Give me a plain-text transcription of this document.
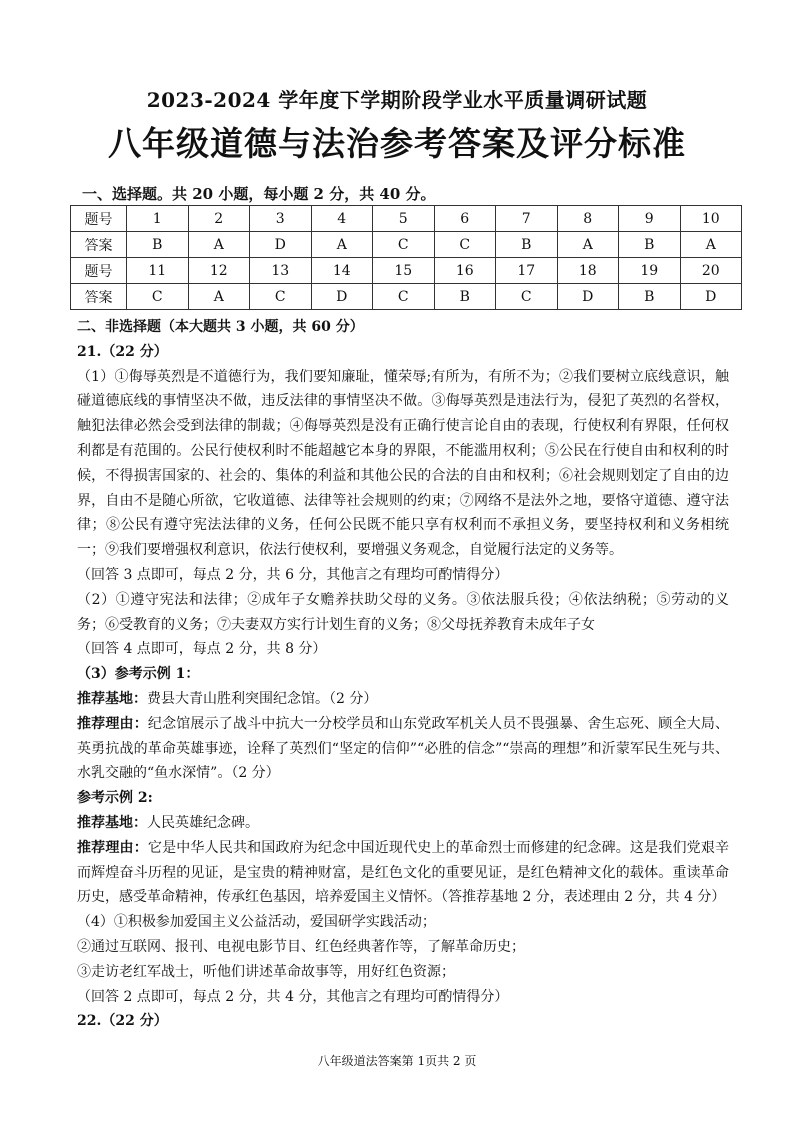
2023-2024 学年度下学期阶段学业水平质量调研试题
八年级道德与法治参考答案及评分标准
一、选择题。共 20 小题，每小题 2 分，共 40 分。
题号	1	2	3	4	5	6	7	8	9	10
答案	B	A	D	A	C	C	B	A	B	A
题号	11	12	13	14	15	16	17	18	19	20
答案	C	A	C	D	C	B	C	D	B	D

二、非选择题（本大题共 3 小题，共 60 分）

21.（22 分）

（1）①侮辱英烈是不道德行为，我们要知廉耻，懂荣辱;有所为，有所不为；②我们要树立底线意识，触碰道德底线的事情坚决不做，违反法律的事情坚决不做。③侮辱英烈是违法行为，侵犯了英烈的名誉权，触犯法律必然会受到法律的制裁；④侮辱英烈是没有正确行使言论自由的表现，行使权利有界限，任何权利都是有范围的。公民行使权利时不能超越它本身的界限，不能滥用权利；⑤公民在行使自由和权利的时候，不得损害国家的、社会的、集体的利益和其他公民的合法的自由和权利；⑥社会规则划定了自由的边界，自由不是随心所欲，它收道德、法律等社会规则的约束；⑦网络不是法外之地，要恪守道德、遵守法律；⑧公民有遵守宪法法律的义务，任何公民既不能只享有权利而不承担义务，要坚持权利和义务相统一；⑨我们要增强权利意识，依法行使权利，要增强义务观念，自觉履行法定的义务等。

（回答 3 点即可，每点 2 分，共 6 分，其他言之有理均可酌情得分）

（2）①遵守宪法和法律；②成年子女赡养扶助父母的义务。③依法服兵役；④依法纳税；⑤劳动的义务；⑥受教育的义务；⑦夫妻双方实行计划生育的义务；⑧父母抚养教育未成年子女

（回答 4 点即可，每点 2 分，共 8 分）

（3）参考示例 1：

推荐基地：费县大青山胜利突围纪念馆。（2 分）

推荐理由：纪念馆展示了战斗中抗大一分校学员和山东党政军机关人员不畏强暴、舍生忘死、顾全大局、英勇抗战的革命英雄事迹，诠释了英烈们“坚定的信仰”“必胜的信念”“崇高的理想”和沂蒙军民生死与共、水乳交融的“鱼水深情”。（2 分）

参考示例 2:

推荐基地：人民英雄纪念碑。

推荐理由：它是中华人民共和国政府为纪念中国近现代史上的革命烈士而修建的纪念碑。这是我们党艰辛而辉煌奋斗历程的见证，是宝贵的精神财富，是红色文化的重要见证，是红色精神文化的载体。重读革命历史，感受革命精神，传承红色基因，培养爱国主义情怀。（答推荐基地 2 分，表述理由 2 分，共 4 分）

（4）①积极参加爱国主义公益活动，爱国研学实践活动；

②通过互联网、报刊、电视电影节目、红色经典著作等，了解革命历史；

③走访老红军战士，听他们讲述革命故事等，用好红色资源；

（回答 2 点即可，每点 2 分，共 4 分，其他言之有理均可酌情得分）

22.（22 分）

八年级道法答案第 1页共 2 页
